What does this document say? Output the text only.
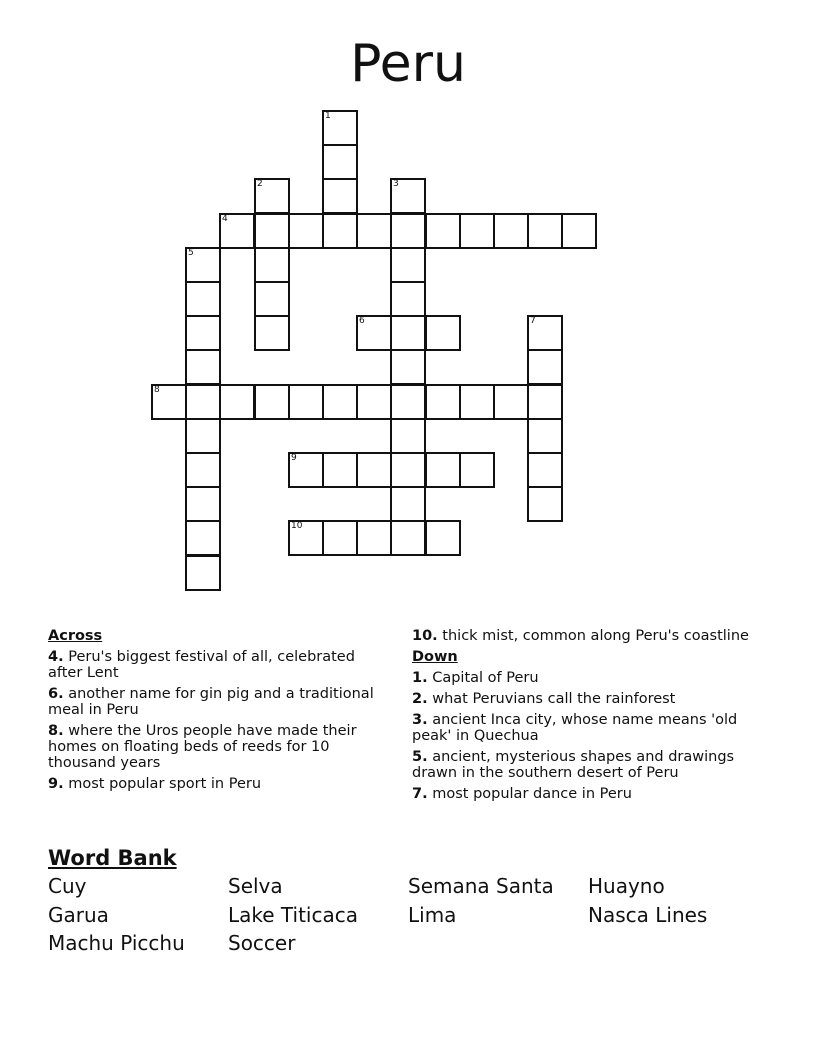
Peru
1
2	3
4
5
6	7
8
9
10
Across
4. Peru's biggest festival of all, celebrated after Lent
6. another name for gin pig and a traditional meal in Peru
8. where the Uros people have made their homes on floating beds of reeds for 10 thousand years
9. most popular sport in Peru
10. thick mist, common along Peru's coastline
Down
1. Capital of Peru
2. what Peruvians call the rainforest
3. ancient Inca city, whose name means 'old peak' in Quechua
5. ancient, mysterious shapes and drawings drawn in the southern desert of Peru
7. most popular dance in Peru
Word Bank
Cuy	Selva	Semana Santa	Huayno
Garua	Lake Titicaca	Lima	Nasca Lines
Machu Picchu	Soccer
